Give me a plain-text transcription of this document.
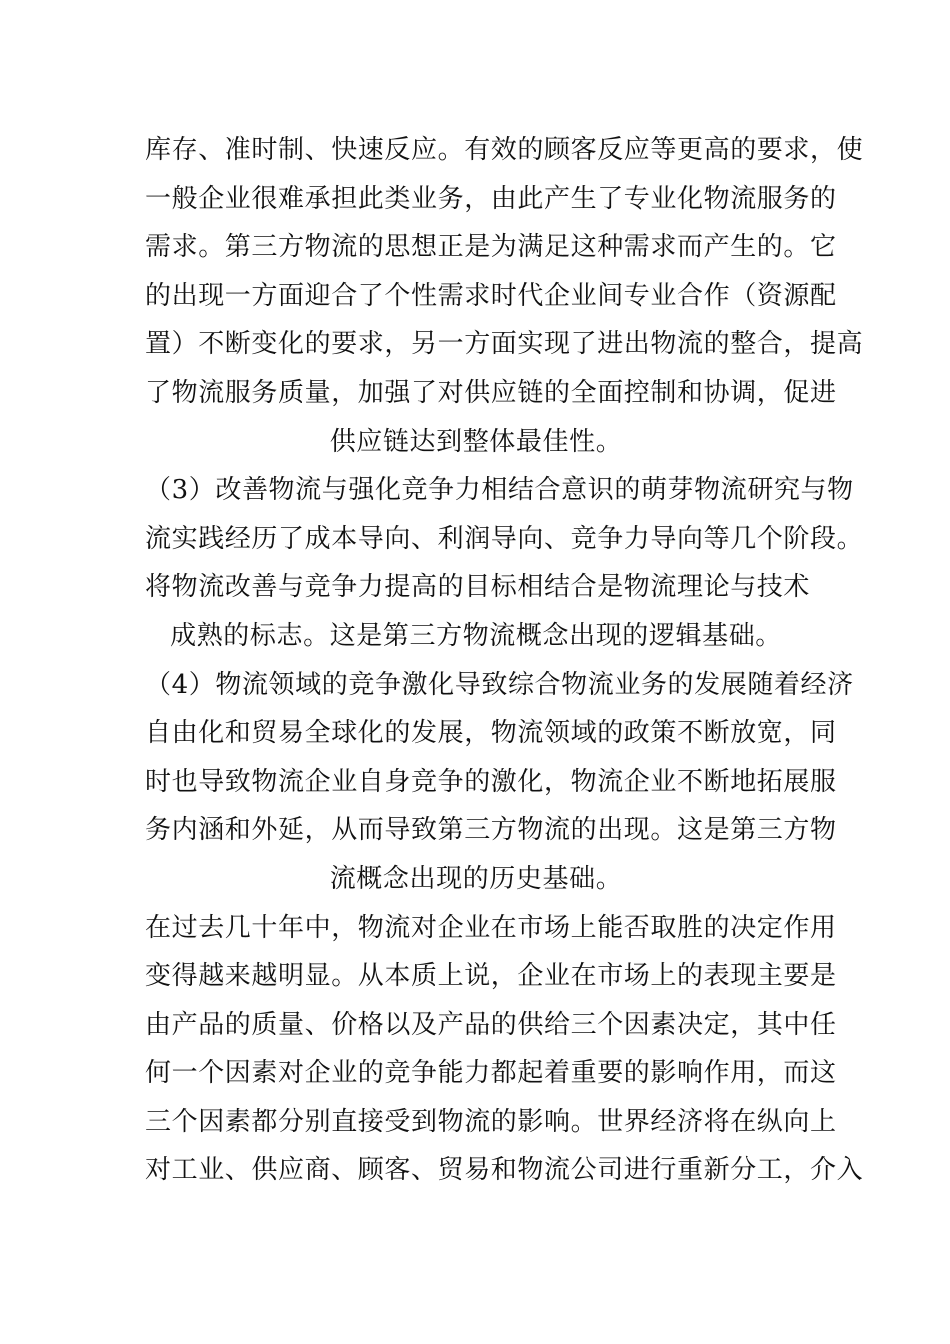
库存、准时制、快速反应。有效的顾客反应等更高的要求，使
一般企业很难承担此类业务，由此产生了专业化物流服务的
需求。第三方物流的思想正是为满足这种需求而产生的。它
的出现一方面迎合了个性需求时代企业间专业合作（资源配
置）不断变化的要求，另一方面实现了进出物流的整合，提高
了物流服务质量，加强了对供应链的全面控制和协调，促进
供应链达到整体最佳性。
（3）改善物流与强化竞争力相结合意识的萌芽物流研究与物
流实践经历了成本导向、利润导向、竞争力导向等几个阶段。
将物流改善与竞争力提高的目标相结合是物流理论与技术
成熟的标志。这是第三方物流概念出现的逻辑基础。
（4）物流领域的竞争激化导致综合物流业务的发展随着经济
自由化和贸易全球化的发展，物流领域的政策不断放宽，同
时也导致物流企业自身竞争的激化，物流企业不断地拓展服
务内涵和外延，从而导致第三方物流的出现。这是第三方物
流概念出现的历史基础。
在过去几十年中，物流对企业在市场上能否取胜的决定作用
变得越来越明显。从本质上说，企业在市场上的表现主要是
由产品的质量、价格以及产品的供给三个因素决定，其中任
何一个因素对企业的竞争能力都起着重要的影响作用，而这
三个因素都分别直接受到物流的影响。世界经济将在纵向上
对工业、供应商、顾客、贸易和物流公司进行重新分工，介入
